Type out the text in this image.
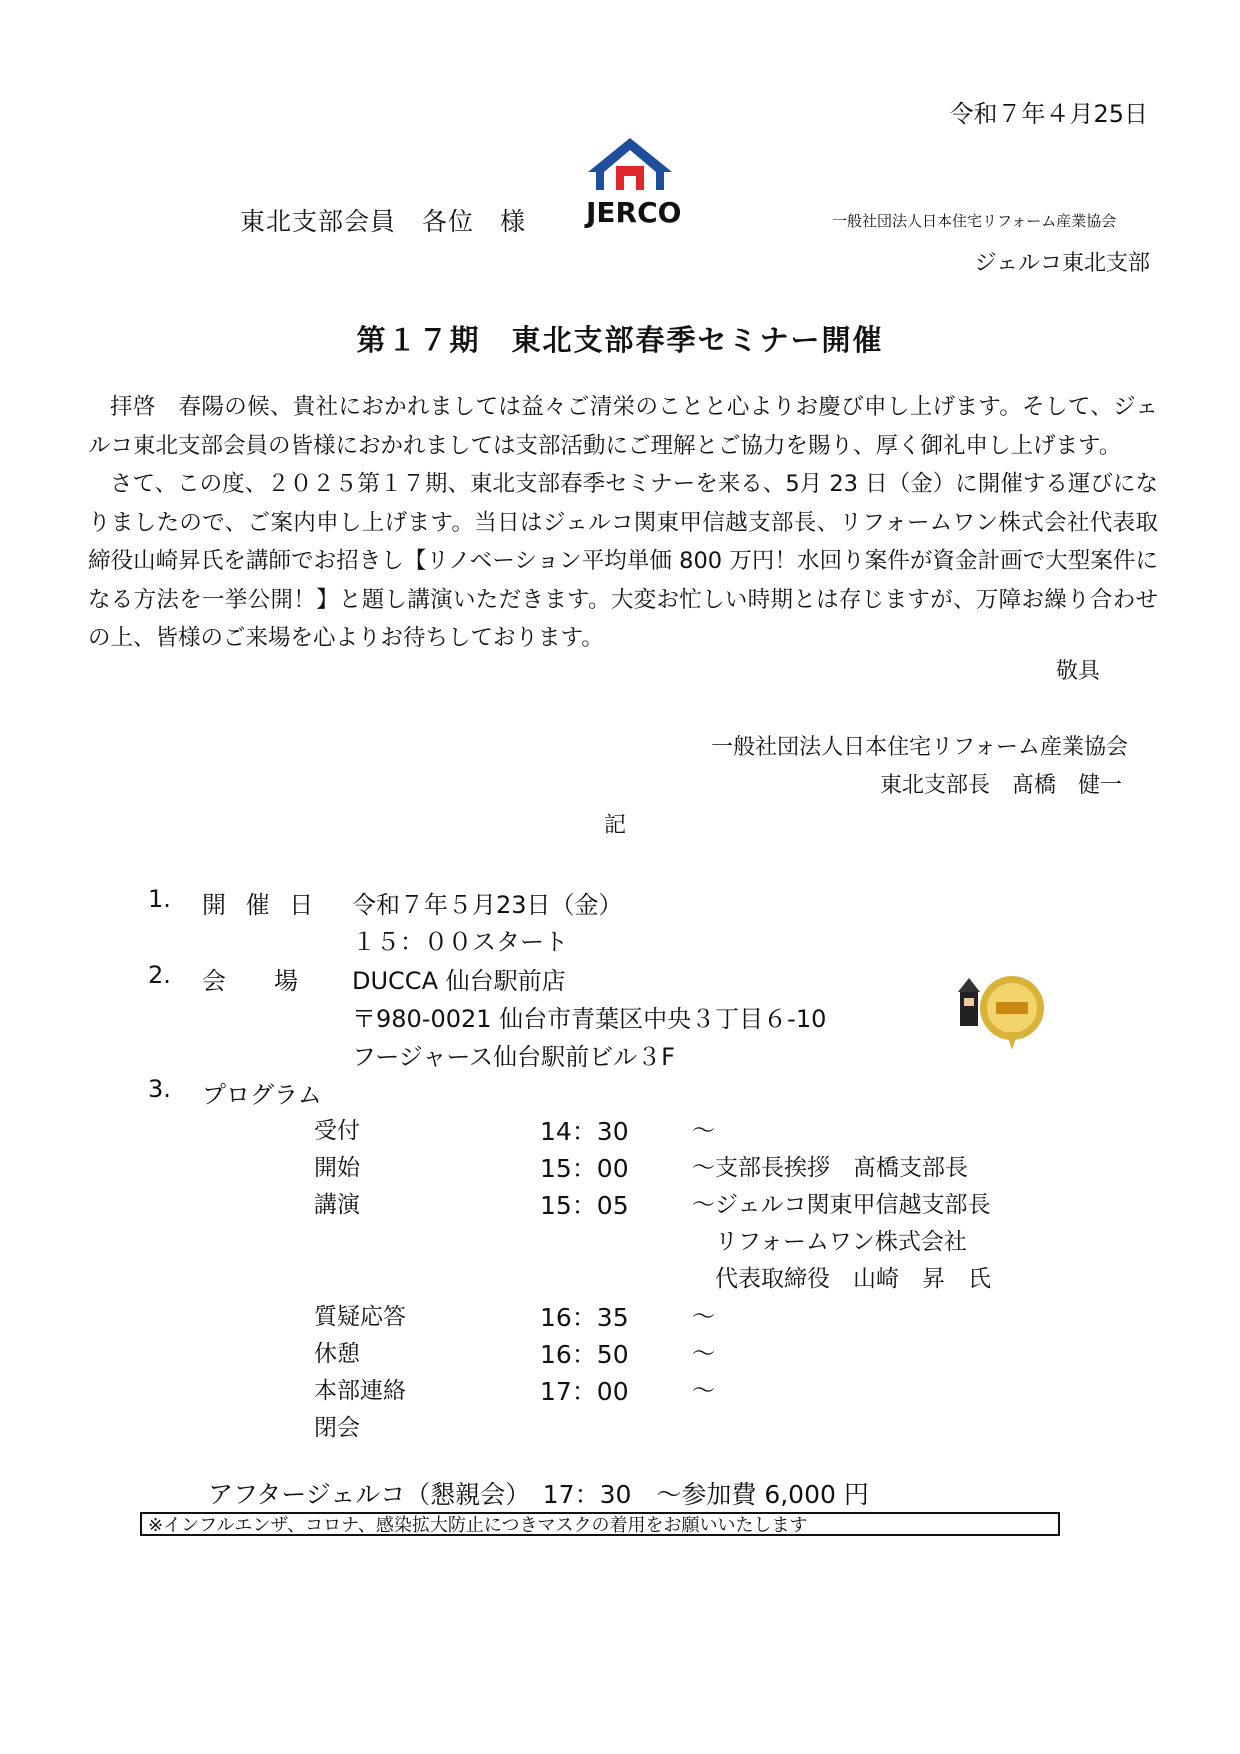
令和７年４月25日
東北支部会員　各位　様 JERCO	一般社団法人日本住宅リフォーム産業協会
ジェルコ東北支部
第１７期　東北支部春季セミナー開催

拝啓　春陽の候、貴社におかれましては益々ご清栄のことと心よりお慶び申し上げます。そして、ジェルコ東北支部会員の皆様におかれましては支部活動にご理解とご協力を賜り、厚く御礼申し上げます。

さて、この度、２０２５第１７期、東北支部春季セミナーを来る、5月 23 日（金）に開催する運びになりましたので、ご案内申し上げます。当日はジェルコ関東甲信越支部長、リフォームワン株式会社代表取締役山崎昇氏を講師でお招きし【リノベーション平均単価 800 万円！水回り案件が資金計画で大型案件になる方法を一挙公開！】と題し講演いただきます。大変お忙しい時期とは存じますが、万障お繰り合わせの上、皆様のご来場を心よりお待ちしております。

敬具
一般社団法人日本住宅リフォーム産業協会
東北支部長　髙橋　健一
記
1. 開 催 日 令和７年５月23日（金）
１５：００スタート
2. 会　　場 DUCCA 仙台駅前店
〒980-0021 仙台市青葉区中央３丁目６-10
フージャース仙台駅前ビル３F
3. プログラム
受付	14：30	～
開始	15：00	～支部長挨拶　髙橋支部長
講演	15：05	～ジェルコ関東甲信越支部長
　リフォームワン株式会社
　代表取締役　山崎　昇　氏
質疑応答	16：35	～
休憩	16：50	～
本部連絡	17：00	～
閉会
アフタージェルコ（懇親会）　17：30　～参加費 6,000 円
※インフルエンザ、コロナ、感染拡大防止につきマスクの着用をお願いいたします
